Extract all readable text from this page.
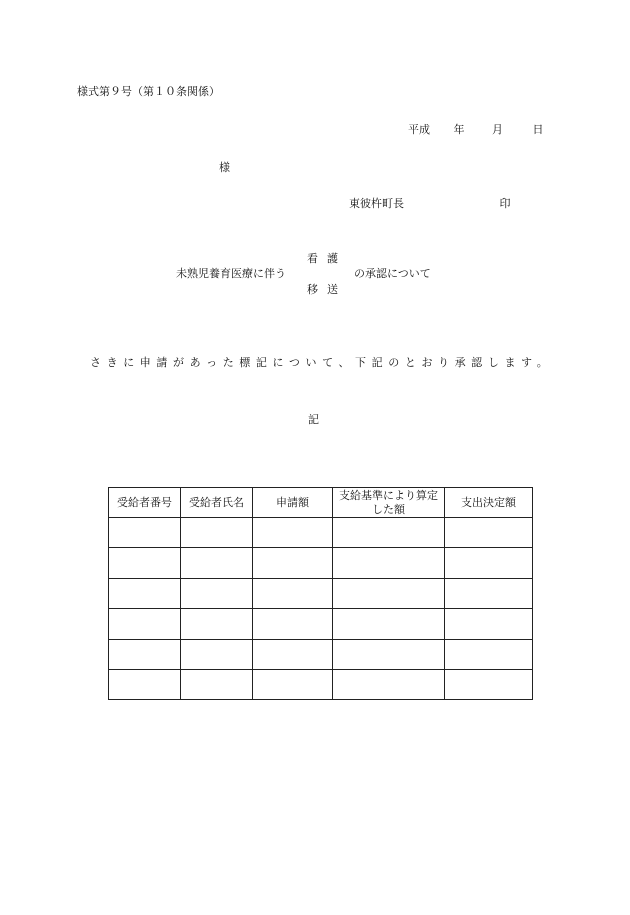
様式第９号（第１０条関係）
平成 年	月	日
様
東彼杵町長	印
未熟児養育医療に伴う
看護
移送
の承認について
さきに申請があった標記について、下記のとおり承認します。
記
受給者番号	受給者氏名	申請額	支給基準により算定した額	支出決定額
